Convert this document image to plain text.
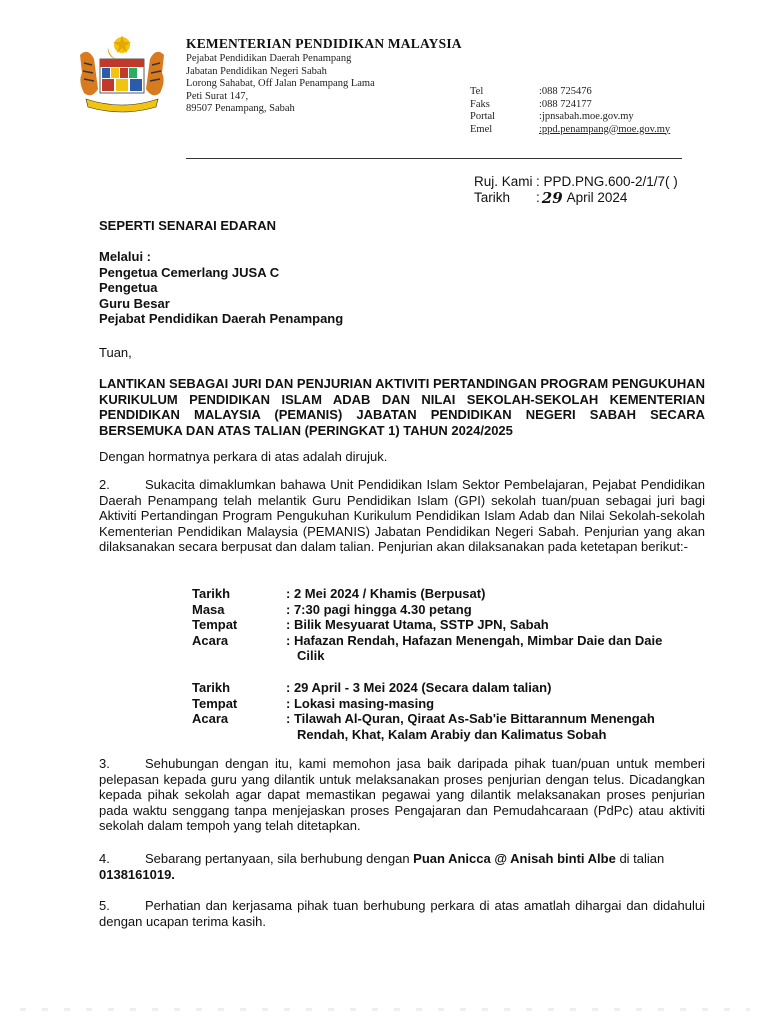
KEMENTERIAN PENDIDIKAN MALAYSIA
Pejabat Pendidikan Daerah Penampang
Jabatan Pendidikan Negeri Sabah
Lorong Sahabat, Off Jalan Penampang Lama
Peti Surat 147,
89507 Penampang, Sabah
Tel	:088 725476
Faks	:088 724177
Portal	:jpnsabah.moe.gov.my
Emel	:ppd.penampang@moe.gov.my
Ruj. Kami : PPD.PNG.600-2/1/7( )
Tarikh	: 29 April 2024
SEPERTI SENARAI EDARAN
Melalui :
Pengetua Cemerlang JUSA C
Pengetua
Guru Besar
Pejabat Pendidikan Daerah Penampang
Tuan,
LANTIKAN SEBAGAI JURI DAN PENJURIAN AKTIVITI PERTANDINGAN PROGRAM PENGUKUHAN KURIKULUM PENDIDIKAN ISLAM ADAB DAN NILAI SEKOLAH-SEKOLAH KEMENTERIAN PENDIDIKAN MALAYSIA (PEMANIS) JABATAN PENDIDIKAN NEGERI SABAH SECARA BERSEMUKA DAN ATAS TALIAN (PERINGKAT 1) TAHUN 2024/2025
Dengan hormatnya perkara di atas adalah dirujuk.
2.	Sukacita dimaklumkan bahawa Unit Pendidikan Islam Sektor Pembelajaran, Pejabat Pendidikan Daerah Penampang telah melantik Guru Pendidikan Islam (GPI) sekolah tuan/puan sebagai juri bagi Aktiviti Pertandingan Program Pengukuhan Kurikulum Pendidikan Islam Adab dan Nilai Sekolah-sekolah Kementerian Pendidikan Malaysia (PEMANIS) Jabatan Pendidikan Negeri Sabah. Penjurian yang akan dilaksanakan secara berpusat dan dalam talian. Penjurian akan dilaksanakan pada ketetapan berikut:-
Tarikh	: 2 Mei 2024 / Khamis (Berpusat)
Masa	: 7:30 pagi hingga 4.30 petang
Tempat	: Bilik Mesyuarat Utama, SSTP JPN, Sabah
Acara	: Hafazan Rendah, Hafazan Menengah, Mimbar Daie dan Daie
Cilik
Tarikh	: 29 April - 3 Mei 2024 (Secara dalam talian)
Tempat	: Lokasi masing-masing
Acara	: Tilawah Al-Quran, Qiraat As-Sab'ie Bittarannum Menengah
Rendah, Khat, Kalam Arabiy dan Kalimatus Sobah
3.	Sehubungan dengan itu, kami memohon jasa baik daripada pihak tuan/puan untuk memberi pelepasan kepada guru yang dilantik untuk melaksanakan proses penjurian dengan telus. Dicadangkan kepada pihak sekolah agar dapat memastikan pegawai yang dilantik melaksanakan proses penjurian pada waktu senggang tanpa menjejaskan proses Pengajaran dan Pemudahcaraan (PdPc) atau aktiviti sekolah dalam tempoh yang telah ditetapkan.
4.	Sebarang pertanyaan, sila berhubung dengan Puan Anicca @ Anisah binti Albe di talian
0138161019.
5.	Perhatian dan kerjasama pihak tuan berhubung perkara di atas amatlah dihargai dan didahului dengan ucapan terima kasih.
